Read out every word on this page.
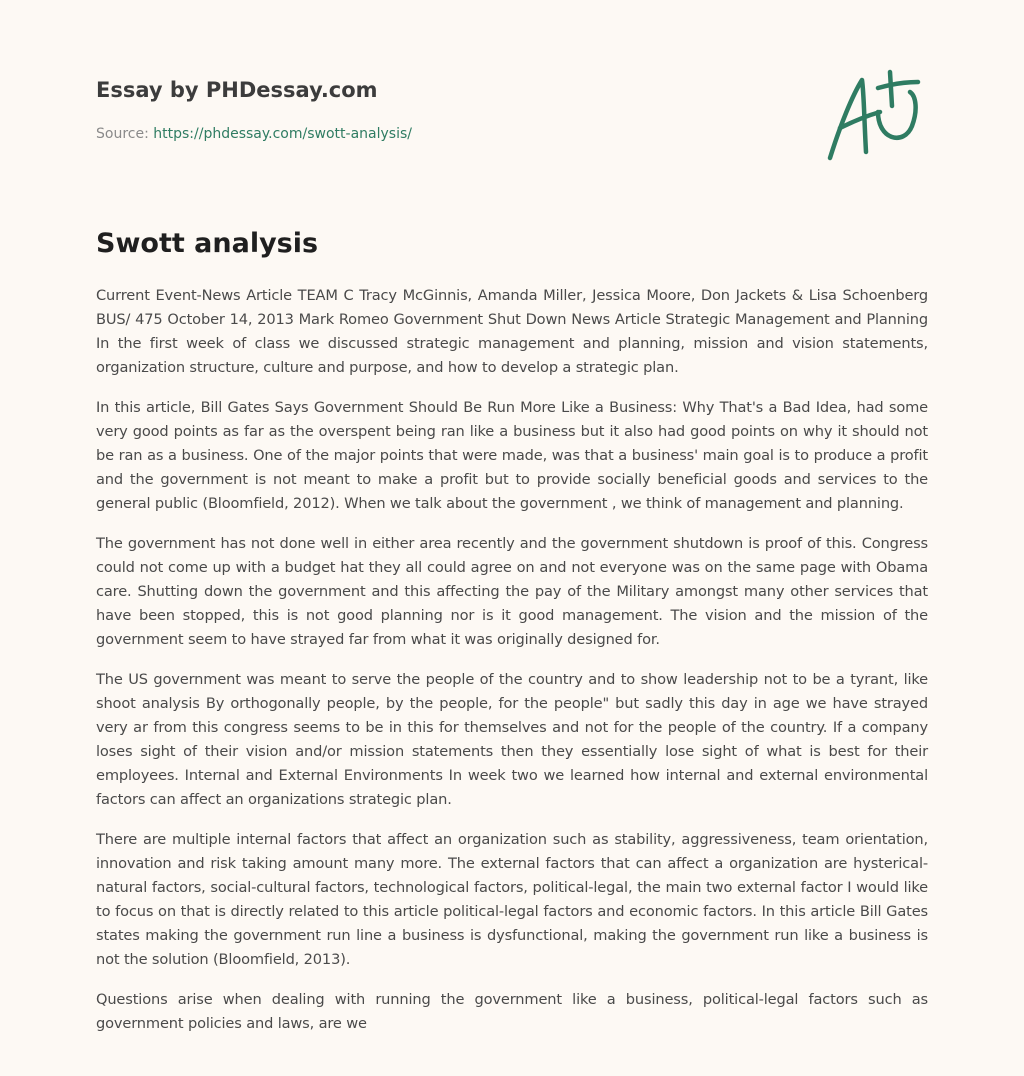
Essay by PHDessay.com
Source: https://phdessay.com/swott-analysis/
Swott analysis

Current Event-News Article TEAM C Tracy McGinnis, Amanda Miller, Jessica Moore, Don Jackets & Lisa Schoenberg BUS/ 475 October 14, 2013 Mark Romeo Government Shut Down News Article Strategic Management and Planning In the first week of class we discussed strategic management and planning, mission and vision statements, organization structure, culture and purpose, and how to develop a strategic plan.

In this article, Bill Gates Says Government Should Be Run More Like a Business: Why That's a Bad Idea, had some very good points as far as the overspent being ran like a business but it also had good points on why it should not be ran as a business. One of the major points that were made, was that a business' main goal is to produce a profit and the government is not meant to make a profit but to provide socially beneficial goods and services to the general public (Bloomfield, 2012). When we talk about the government , we think of management and planning.

The government has not done well in either area recently and the government shutdown is proof of this. Congress could not come up with a budget hat they all could agree on and not everyone was on the same page with Obama care. Shutting down the government and this affecting the pay of the Military amongst many other services that have been stopped, this is not good planning nor is it good management. The vision and the mission of the government seem to have strayed far from what it was originally designed for.

The US government was meant to serve the people of the country and to show leadership not to be a tyrant, like shoot analysis By orthogonally people, by the people, for the people" but sadly this day in age we have strayed very ar from this congress seems to be in this for themselves and not for the people of the country. If a company loses sight of their vision and/or mission statements then they essentially lose sight of what is best for their employees. Internal and External Environments In week two we learned how internal and external environmental factors can affect an organizations strategic plan.

There are multiple internal factors that affect an organization such as stability, aggressiveness, team orientation, innovation and risk taking amount many more. The external factors that can affect a organization are hysterical-natural factors, social-cultural factors, technological factors, political-legal, the main two external factor I would like to focus on that is directly related to this article political-legal factors and economic factors. In this article Bill Gates states making the government run line a business is dysfunctional, making the government run like a business is not the solution (Bloomfield, 2013).

Questions arise when dealing with running the government like a business, political-legal factors such as government policies and laws, are we
